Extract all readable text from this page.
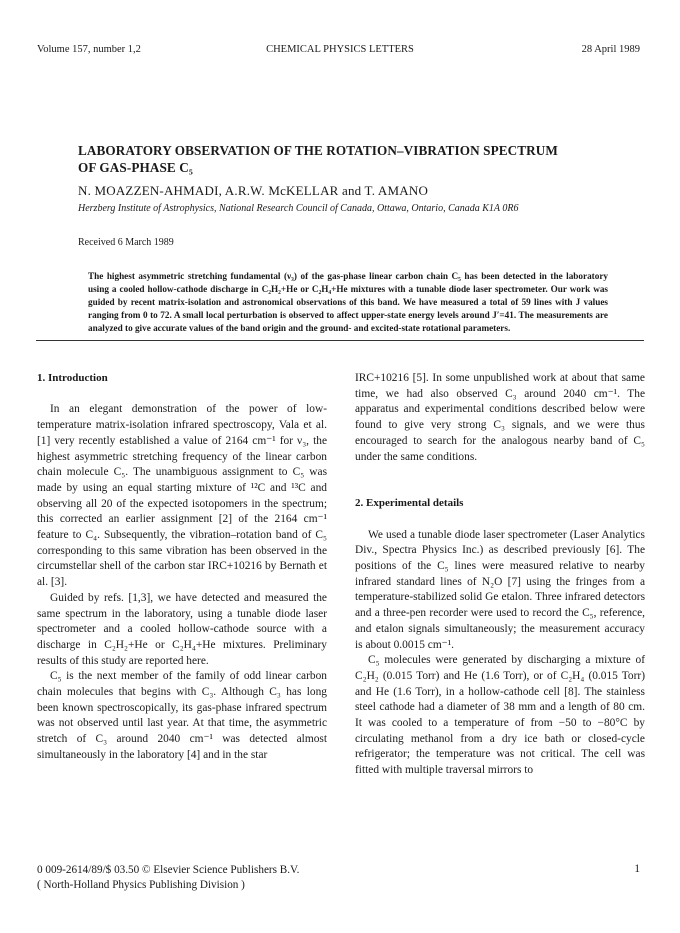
Volume 157, number 1,2	CHEMICAL PHYSICS LETTERS	28 April 1989
LABORATORY OBSERVATION OF THE ROTATION–VIBRATION SPECTRUM
OF GAS-PHASE C₅
N. MOAZZEN-AHMADI, A.R.W. McKELLAR and T. AMANO
Herzberg Institute of Astrophysics, National Research Council of Canada, Ottawa, Ontario, Canada K1A 0R6
Received 6 March 1989
The highest asymmetric stretching fundamental (ν₃) of the gas-phase linear carbon chain C₅ has been detected in the laboratory using a cooled hollow-cathode discharge in C₂H₂+He or C₂H₄+He mixtures with a tunable diode laser spectrometer. Our work was guided by recent matrix-isolation and astronomical observations of this band. We have measured a total of 59 lines with J values ranging from 0 to 72. A small local perturbation is observed to affect upper-state energy levels around J′=41. The measurements are analyzed to give accurate values of the band origin and the ground- and excited-state rotational parameters.

1. Introduction

In an elegant demonstration of the power of low-temperature matrix-isolation infrared spectroscopy, Vala et al. [1] very recently established a value of 2164 cm⁻¹ for ν₃, the highest asymmetric stretching frequency of the linear carbon chain molecule C₅. The unambiguous assignment to C₅ was made by using an equal starting mixture of ¹²C and ¹³C and observing all 20 of the expected isotopomers in the spectrum; this corrected an earlier assignment [2] of the 2164 cm⁻¹ feature to C₄. Subsequently, the vibration–rotation band of C₅ corresponding to this same vibration has been observed in the circumstellar shell of the carbon star IRC+10216 by Bernath et al. [3].

Guided by refs. [1,3], we have detected and measured the same spectrum in the laboratory, using a tunable diode laser spectrometer and a cooled hollow-cathode source with a discharge in C₂H₂+He or C₂H₄+He mixtures. Preliminary results of this study are reported here.

C₅ is the next member of the family of odd linear carbon chain molecules that begins with C₃. Although C₃ has long been known spectroscopically, its gas-phase infrared spectrum was not observed until last year. At that time, the asymmetric stretch of C₃ around 2040 cm⁻¹ was detected almost simultaneously in the laboratory [4] and in the star

IRC+10216 [5]. In some unpublished work at about that same time, we had also observed C₃ around 2040 cm⁻¹. The apparatus and experimental conditions described below were found to give very strong C₃ signals, and we were thus encouraged to search for the analogous nearby band of C₅ under the same conditions.

2. Experimental details

We used a tunable diode laser spectrometer (Laser Analytics Div., Spectra Physics Inc.) as described previously [6]. The positions of the C₅ lines were measured relative to nearby infrared standard lines of N₂O [7] using the fringes from a temperature-stabilized solid Ge etalon. Three infrared detectors and a three-pen recorder were used to record the C₅, reference, and etalon signals simultaneously; the measurement accuracy is about 0.0015 cm⁻¹.

C₅ molecules were generated by discharging a mixture of C₂H₂ (0.015 Torr) and He (1.6 Torr), or of C₂H₄ (0.015 Torr) and He (1.6 Torr), in a hollow-cathode cell [8]. The stainless steel cathode had a diameter of 38 mm and a length of 80 cm. It was cooled to a temperature of from −50 to −80°C by circulating methanol from a dry ice bath or closed-cycle refrigerator; the temperature was not critical. The cell was fitted with multiple traversal mirrors to

0 009-2614/89/$ 03.50 © Elsevier Science Publishers B.V.
( North-Holland Physics Publishing Division )
1
